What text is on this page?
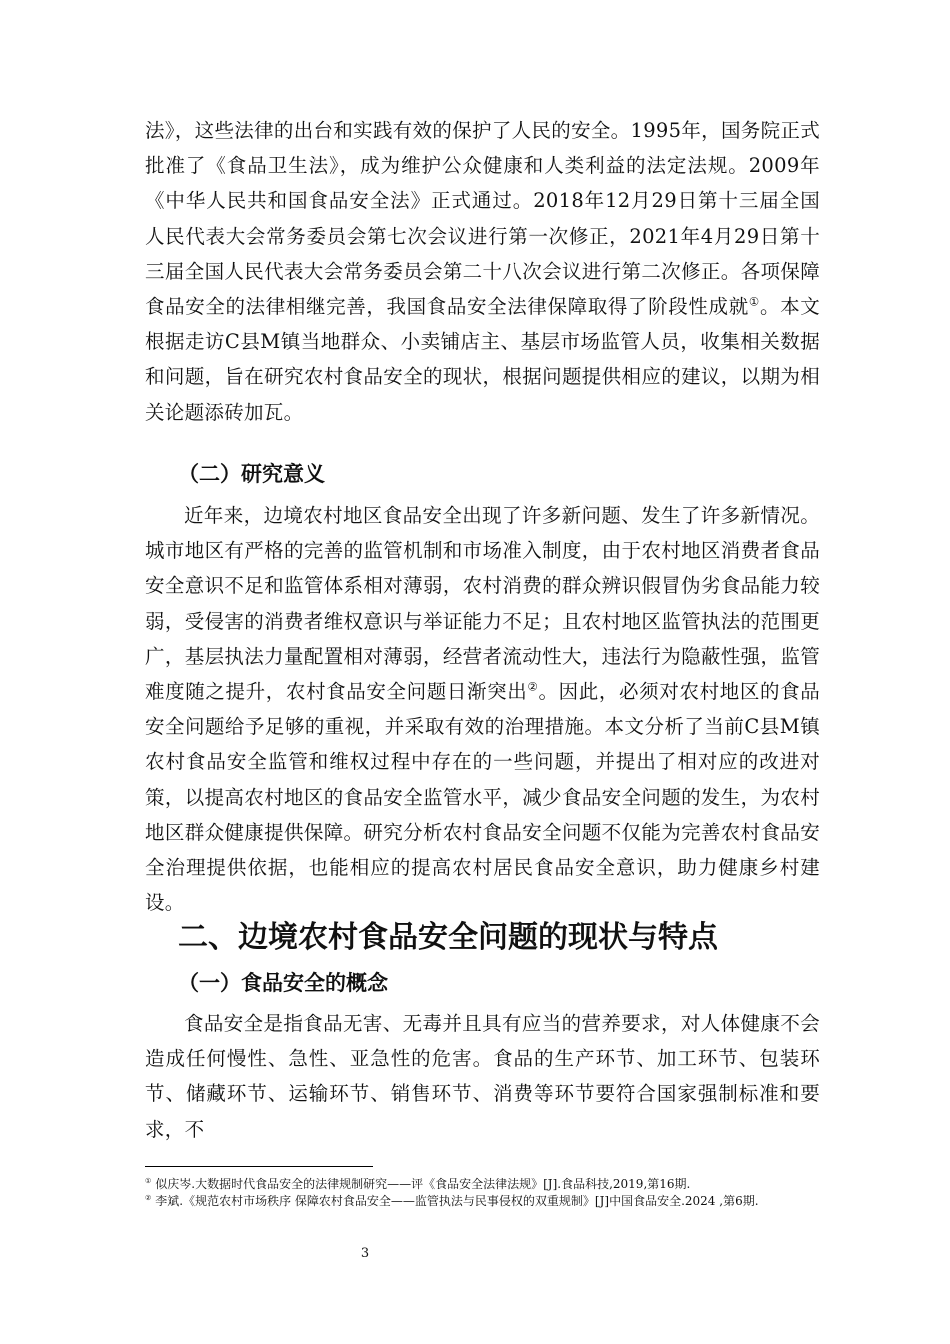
法》，这些法律的出台和实践有效的保护了人民的安全。1995年，国务院正式批准了《食品卫生法》，成为维护公众健康和人类利益的法定法规。2009年《中华人民共和国食品安全法》正式通过。2018年12月29日第十三届全国人民代表大会常务委员会第七次会议进行第一次修正，2021年4月29日第十三届全国人民代表大会常务委员会第二十八次会议进行第二次修正。各项保障食品安全的法律相继完善，我国食品安全法律保障取得了阶段性成就①。本文根据走访C县M镇当地群众、小卖铺店主、基层市场监管人员，收集相关数据和问题，旨在研究农村食品安全的现状，根据问题提供相应的建议，以期为相关论题添砖加瓦。
（二）研究意义
近年来，边境农村地区食品安全出现了许多新问题、发生了许多新情况。城市地区有严格的完善的监管机制和市场准入制度，由于农村地区消费者食品安全意识不足和监管体系相对薄弱，农村消费的群众辨识假冒伪劣食品能力较弱，受侵害的消费者维权意识与举证能力不足；且农村地区监管执法的范围更广，基层执法力量配置相对薄弱，经营者流动性大，违法行为隐蔽性强，监管难度随之提升，农村食品安全问题日渐突出②。因此，必须对农村地区的食品安全问题给予足够的重视，并采取有效的治理措施。本文分析了当前C县M镇农村食品安全监管和维权过程中存在的一些问题，并提出了相对应的改进对策，以提高农村地区的食品安全监管水平，减少食品安全问题的发生，为农村地区群众健康提供保障。研究分析农村食品安全问题不仅能为完善农村食品安全治理提供依据，也能相应的提高农村居民食品安全意识，助力健康乡村建设。
二、边境农村食品安全问题的现状与特点
（一）食品安全的概念
食品安全是指食品无害、无毒并且具有应当的营养要求，对人体健康不会造成任何慢性、急性、亚急性的危害。食品的生产环节、加工环节、包装环节、储藏环节、运输环节、销售环节、消费等环节要符合国家强制标准和要求，不
① 似庆岑.大数据时代食品安全的法律规制研究——评《食品安全法律法规》[J].食品科技,2019,第16期.
② 李斌.《规范农村市场秩序 保障农村食品安全——监管执法与民事侵权的双重规制》[J]中国食品安全.2024 ,第6期.
3
